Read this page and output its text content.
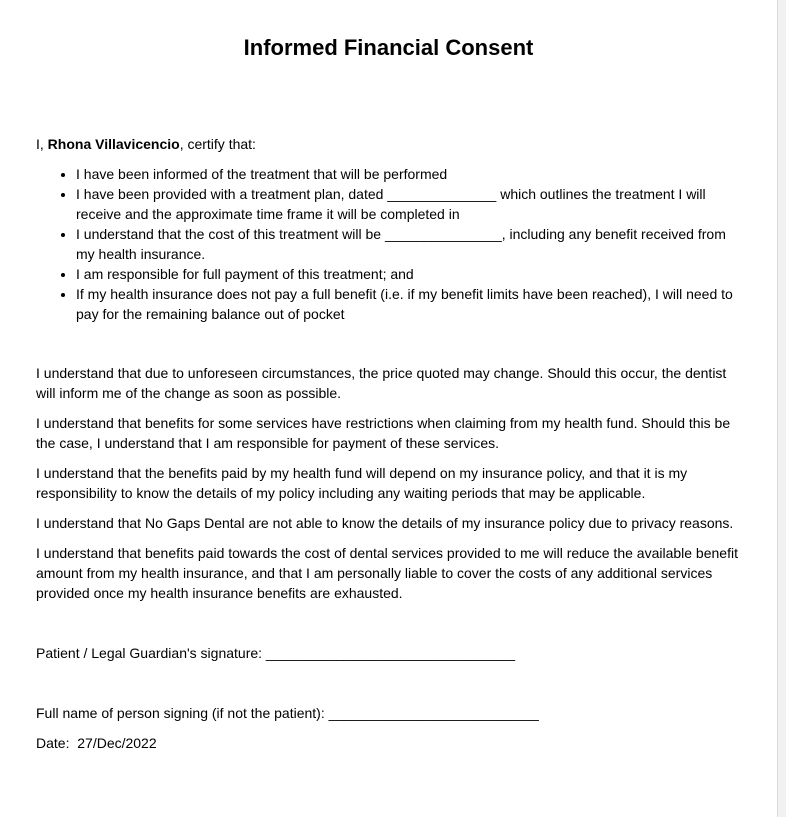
Informed Financial Consent

I, Rhona Villavicencio, certify that:

• I have been informed of the treatment that will be performed
• I have been provided with a treatment plan, dated ______________ which outlines the treatment I will receive and the approximate time frame it will be completed in
• I understand that the cost of this treatment will be _______________, including any benefit received from my health insurance.
• I am responsible for full payment of this treatment; and
• If my health insurance does not pay a full benefit (i.e. if my benefit limits have been reached), I will need to pay for the remaining balance out of pocket

I understand that due to unforeseen circumstances, the price quoted may change. Should this occur, the dentist will inform me of the change as soon as possible.

I understand that benefits for some services have restrictions when claiming from my health fund. Should this be the case, I understand that I am responsible for payment of these services.

I understand that the benefits paid by my health fund will depend on my insurance policy, and that it is my responsibility to know the details of my policy including any waiting periods that may be applicable.

I understand that No Gaps Dental are not able to know the details of my insurance policy due to privacy reasons.

I understand that benefits paid towards the cost of dental services provided to me will reduce the available benefit amount from my health insurance, and that I am personally liable to cover the costs of any additional services provided once my health insurance benefits are exhausted.

Patient / Legal Guardian's signature: ________________________________
Full name of person signing (if not the patient): ___________________________
Date:  27/Dec/2022
